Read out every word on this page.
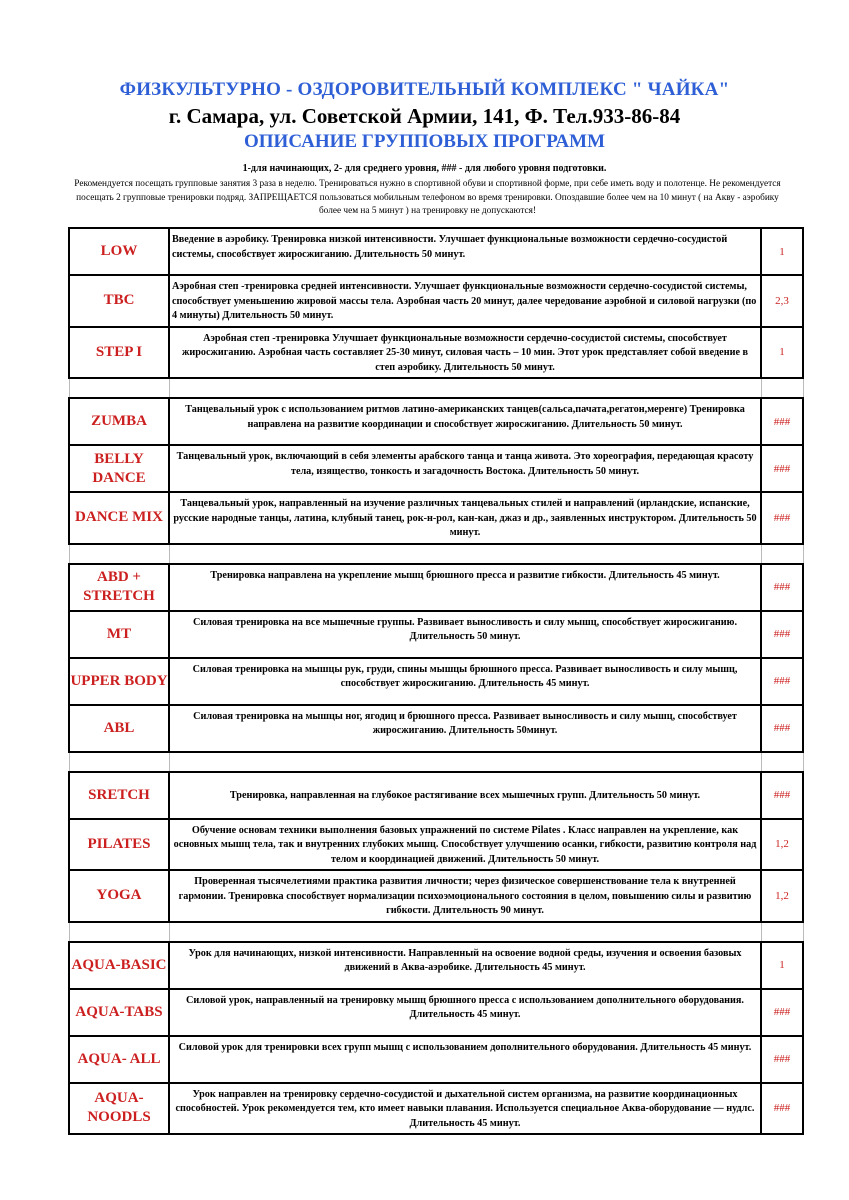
ФИЗКУЛЬТУРНО - ОЗДОРОВИТЕЛЬНЫЙ КОМПЛЕКС " ЧАЙКА"
г. Самара, ул. Советской Армии, 141, Ф. Тел.933-86-84
ОПИСАНИЕ ГРУППОВЫХ ПРОГРАММ
1-для начинающих, 2- для среднего уровня, ### - для любого уровня подготовки.
Рекомендуется посещать групповые занятия 3 раза в неделю. Тренироваться нужно в спортивной обуви и спортивной форме, при себе иметь воду и полотенце. Не рекомендуется посещать 2 групповые тренировки подряд. ЗАПРЕЩАЕТСЯ пользоваться мобильным телефоном во время тренировки. Опоздавшие более чем на 10 минут ( на Акву - аэробику более чем на 5 минут ) на тренировку не допускаются!
LOW	Введение в аэробику. Тренировка низкой интенсивности. Улучшает функциональные возможности сердечно-сосудистой системы, способствует жиросжиганию. Длительность 50 минут.	1
TBC	Аэробная степ -тренировка средней интенсивности. Улучшает функциональные возможности сердечно-сосудистой системы, способствует уменьшению жировой массы тела. Аэробная часть 20 минут, далее чередование аэробной и силовой нагрузки (по 4 минуты) Длительность 50 минут.	2,3
STEP I	Аэробная степ -тренировка Улучшает функциональные возможности сердечно-сосудистой системы, способствует жиросжиганию. Аэробная часть составляет 25-30 минут, силовая часть – 10 мин. Этот урок представляет собой введение в степ аэробику. Длительность 50 минут.	1

ZUMBA	Танцевальный урок с использованием ритмов латино-американских танцев(сальса,пачата,регатон,меренге) Тренировка направлена на развитие координации и способствует жиросжиганию. Длительность 50 минут.	###
BELLY DANCE	Танцевальный урок, включающий в себя элементы арабского танца и танца живота. Это хореография, передающая красоту тела, изящество, тонкость и загадочность Востока. Длительность 50 минут.	###
DANCE MIX	Танцевальный урок, направленный на изучение различных танцевальных стилей и направлений (ирландские, испанские, русские народные танцы, латина, клубный танец, рок-н-рол, кан-кан, джаз и др., заявленных инструктором. Длительность 50 минут.	###

ABD + STRETCH	Тренировка направлена на укрепление мышц брюшного пресса и развитие гибкости. Длительность 45 минут.	###
MT	Силовая тренировка на все мышечные группы. Развивает выносливость и силу мышц, способствует жиросжиганию. Длительность 50 минут.	###
UPPER BODY	Силовая тренировка на мышцы рук, груди, спины мышцы брюшного пресса. Развивает выносливость и силу мышц, способствует жиросжиганию. Длительность 45 минут.	###
ABL	Силовая тренировка на мышцы ног, ягодиц и брюшного пресса. Развивает выносливость и силу мышц, способствует жиросжиганию. Длительность 50минут.	###

SRETCH	Тренировка, направленная на глубокое растягивание всех мышечных групп. Длительность 50 минут.	###
PILATES	Обучение основам техники выполнения базовых упражнений по системе Pilates . Класс направлен на укрепление, как основных мышц тела, так и внутренних глубоких мышц. Способствует улучшению осанки, гибкости, развитию контроля над телом и координацией движений. Длительность 50 минут.	1,2
YOGA	Проверенная тысячелетиями практика развития личности; через физическое совершенствование тела к внутренней гармонии. Тренировка способствует нормализации психоэмоционального состояния в целом, повышению силы и развитию гибкости. Длительность 90 минут.	1,2

AQUA-BASIC	Урок для начинающих, низкой интенсивности. Направленный на освоение водной среды, изучения и освоения базовых движений в Аква-аэробике. Длительность 45 минут.	1
AQUA-TABS	Силовой урок, направленный на тренировку мышц брюшного пресса с использованием дополнительного оборудования. Длительность 45 минут.	###
AQUA- ALL	Силовой урок для тренировки всех групп мышц с использованием дополнительного оборудования. Длительность 45 минут.	###
AQUA-NOODLS	Урок направлен на тренировку сердечно-сосудистой и дыхательной систем организма, на развитие координационных способностей. Урок рекомендуется тем, кто имеет навыки плавания. Используется специальное Аква-оборудование — нудлс. Длительность 45 минут.	###
